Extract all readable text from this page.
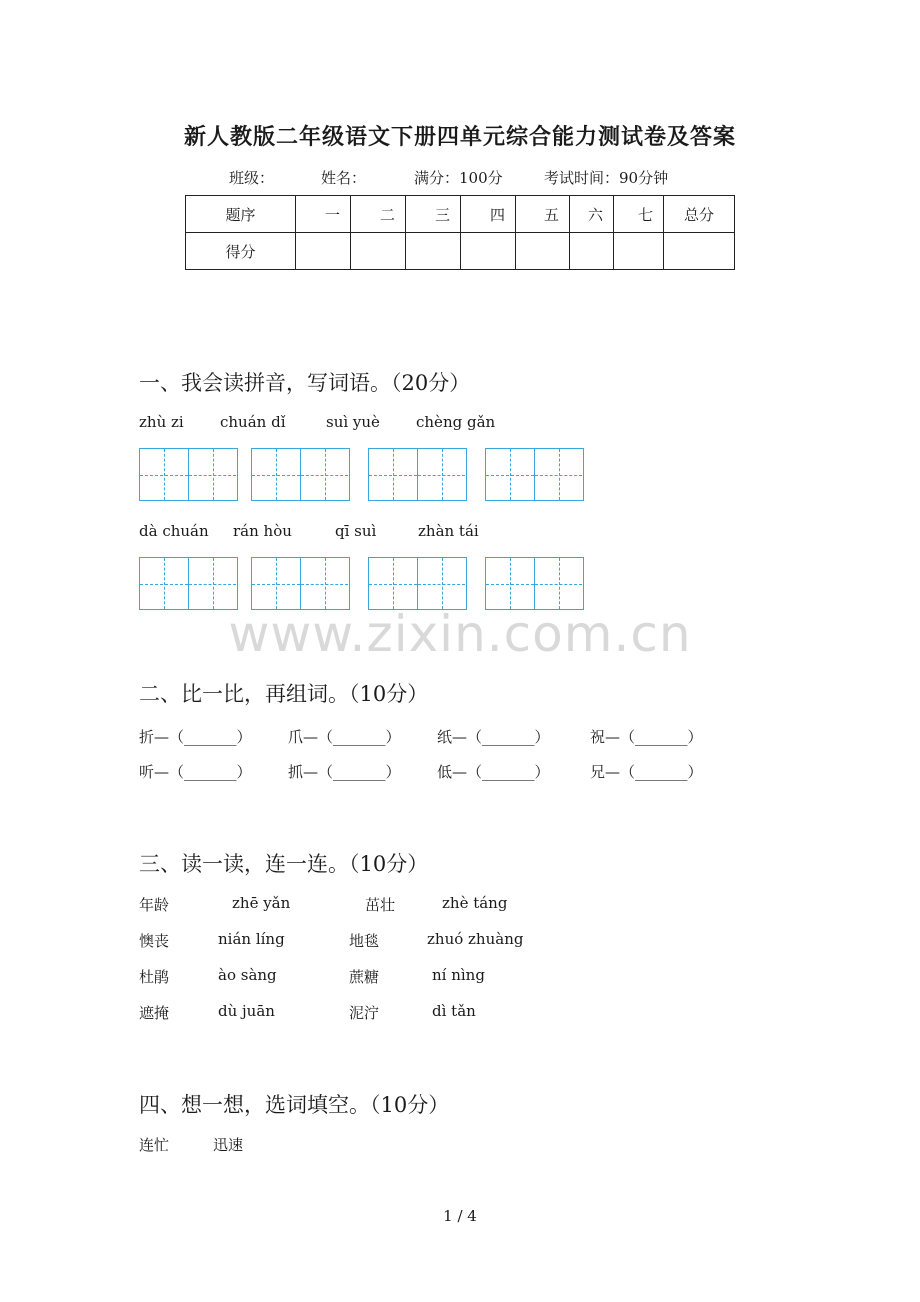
新人教版二年级语文下册四单元综合能力测试卷及答案
班级：	姓名：	满分：100分	考试时间：90分钟
题序	一	二	三	四	五	六	七	总分
得分								
一、我会读拼音，写词语。（20分）
zhù zi chuán dǐ	suì yuè chèng gǎn
dà chuán rán hòu	qī suì	zhàn tái
www.zixin.com.cn
二、比一比，再组词。（10分）
折—（_______） 爪—（_______） 纸—（_______）	祝—（_______）
听—（_______） 抓—（_______） 低—（_______）	兄—（_______）
三、读一读，连一连。（10分）
年龄	zhē yǎn	茁壮	zhè táng
懊丧	nián líng	地毯	zhuó zhuàng
杜鹃	ào sàng	蔗糖	ní nìng
遮掩	dù juān	泥泞	dì tǎn
四、想一想，选词填空。（10分）
连忙	迅速
1 / 4
